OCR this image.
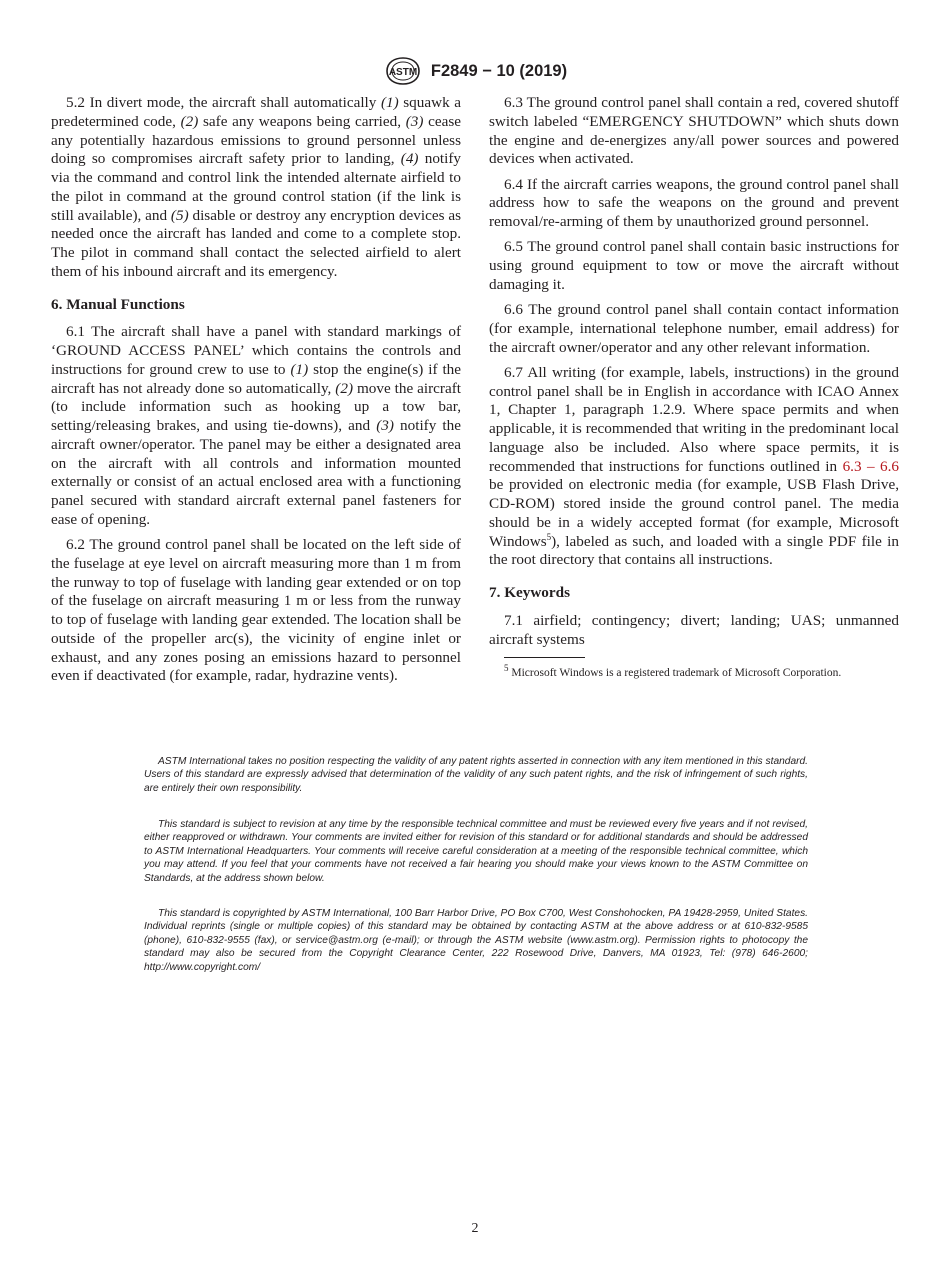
ASTM F2849 − 10 (2019)

5.2 In divert mode, the aircraft shall automatically (1) squawk a predetermined code, (2) safe any weapons being carried, (3) cease any potentially hazardous emissions to ground personnel unless doing so compromises aircraft safety prior to landing, (4) notify via the command and control link the intended alternate airfield to the pilot in command at the ground control station (if the link is still available), and (5) disable or destroy any encryption devices as needed once the aircraft has landed and come to a complete stop. The pilot in command shall contact the selected airfield to alert them of his inbound aircraft and its emergency.

6. Manual Functions

6.1 The aircraft shall have a panel with standard markings of ‘GROUND ACCESS PANEL’ which contains the controls and instructions for ground crew to use to (1) stop the engine(s) if the aircraft has not already done so automatically, (2) move the aircraft (to include information such as hooking up a tow bar, setting/releasing brakes, and using tie-downs), and (3) notify the aircraft owner/operator. The panel may be either a designated area on the aircraft with all controls and information mounted externally or consist of an actual enclosed area with a functioning panel secured with standard aircraft external panel fasteners for ease of opening.

6.2 The ground control panel shall be located on the left side of the fuselage at eye level on aircraft measuring more than 1 m from the runway to top of fuselage with landing gear extended or on top of the fuselage on aircraft measuring 1 m or less from the runway to top of fuselage with landing gear extended. The location shall be outside of the propeller arc(s), the vicinity of engine inlet or exhaust, and any zones posing an emissions hazard to personnel even if deactivated (for example, radar, hydrazine vents).

6.3 The ground control panel shall contain a red, covered shutoff switch labeled “EMERGENCY SHUTDOWN” which shuts down the engine and de-energizes any/all power sources and powered devices when activated.

6.4 If the aircraft carries weapons, the ground control panel shall address how to safe the weapons on the ground and prevent removal/re-arming of them by unauthorized ground personnel.

6.5 The ground control panel shall contain basic instructions for using ground equipment to tow or move the aircraft without damaging it.

6.6 The ground control panel shall contain contact information (for example, international telephone number, email address) for the aircraft owner/operator and any other relevant information.

6.7 All writing (for example, labels, instructions) in the ground control panel shall be in English in accordance with ICAO Annex 1, Chapter 1, paragraph 1.2.9. Where space permits and when applicable, it is recommended that writing in the predominant local language also be included. Also where space permits, it is recommended that instructions for functions outlined in 6.3 – 6.6 be provided on electronic media (for example, USB Flash Drive, CD-ROM) stored inside the ground control panel. The media should be in a widely accepted format (for example, Microsoft Windows$^5$), labeled as such, and loaded with a single PDF file in the root directory that contains all instructions.

7. Keywords

7.1 airfield; contingency; divert; landing; UAS; unmanned aircraft systems

$^5$ Microsoft Windows is a registered trademark of Microsoft Corporation.

ASTM International takes no position respecting the validity of any patent rights asserted in connection with any item mentioned in this standard. Users of this standard are expressly advised that determination of the validity of any such patent rights, and the risk of infringement of such rights, are entirely their own responsibility.

This standard is subject to revision at any time by the responsible technical committee and must be reviewed every five years and if not revised, either reapproved or withdrawn. Your comments are invited either for revision of this standard or for additional standards and should be addressed to ASTM International Headquarters. Your comments will receive careful consideration at a meeting of the responsible technical committee, which you may attend. If you feel that your comments have not received a fair hearing you should make your views known to the ASTM Committee on Standards, at the address shown below.

This standard is copyrighted by ASTM International, 100 Barr Harbor Drive, PO Box C700, West Conshohocken, PA 19428-2959, United States. Individual reprints (single or multiple copies) of this standard may be obtained by contacting ASTM at the above address or at 610-832-9585 (phone), 610-832-9555 (fax), or service@astm.org (e-mail); or through the ASTM website (www.astm.org). Permission rights to photocopy the standard may also be secured from the Copyright Clearance Center, 222 Rosewood Drive, Danvers, MA 01923, Tel: (978) 646-2600; http://www.copyright.com/

2
